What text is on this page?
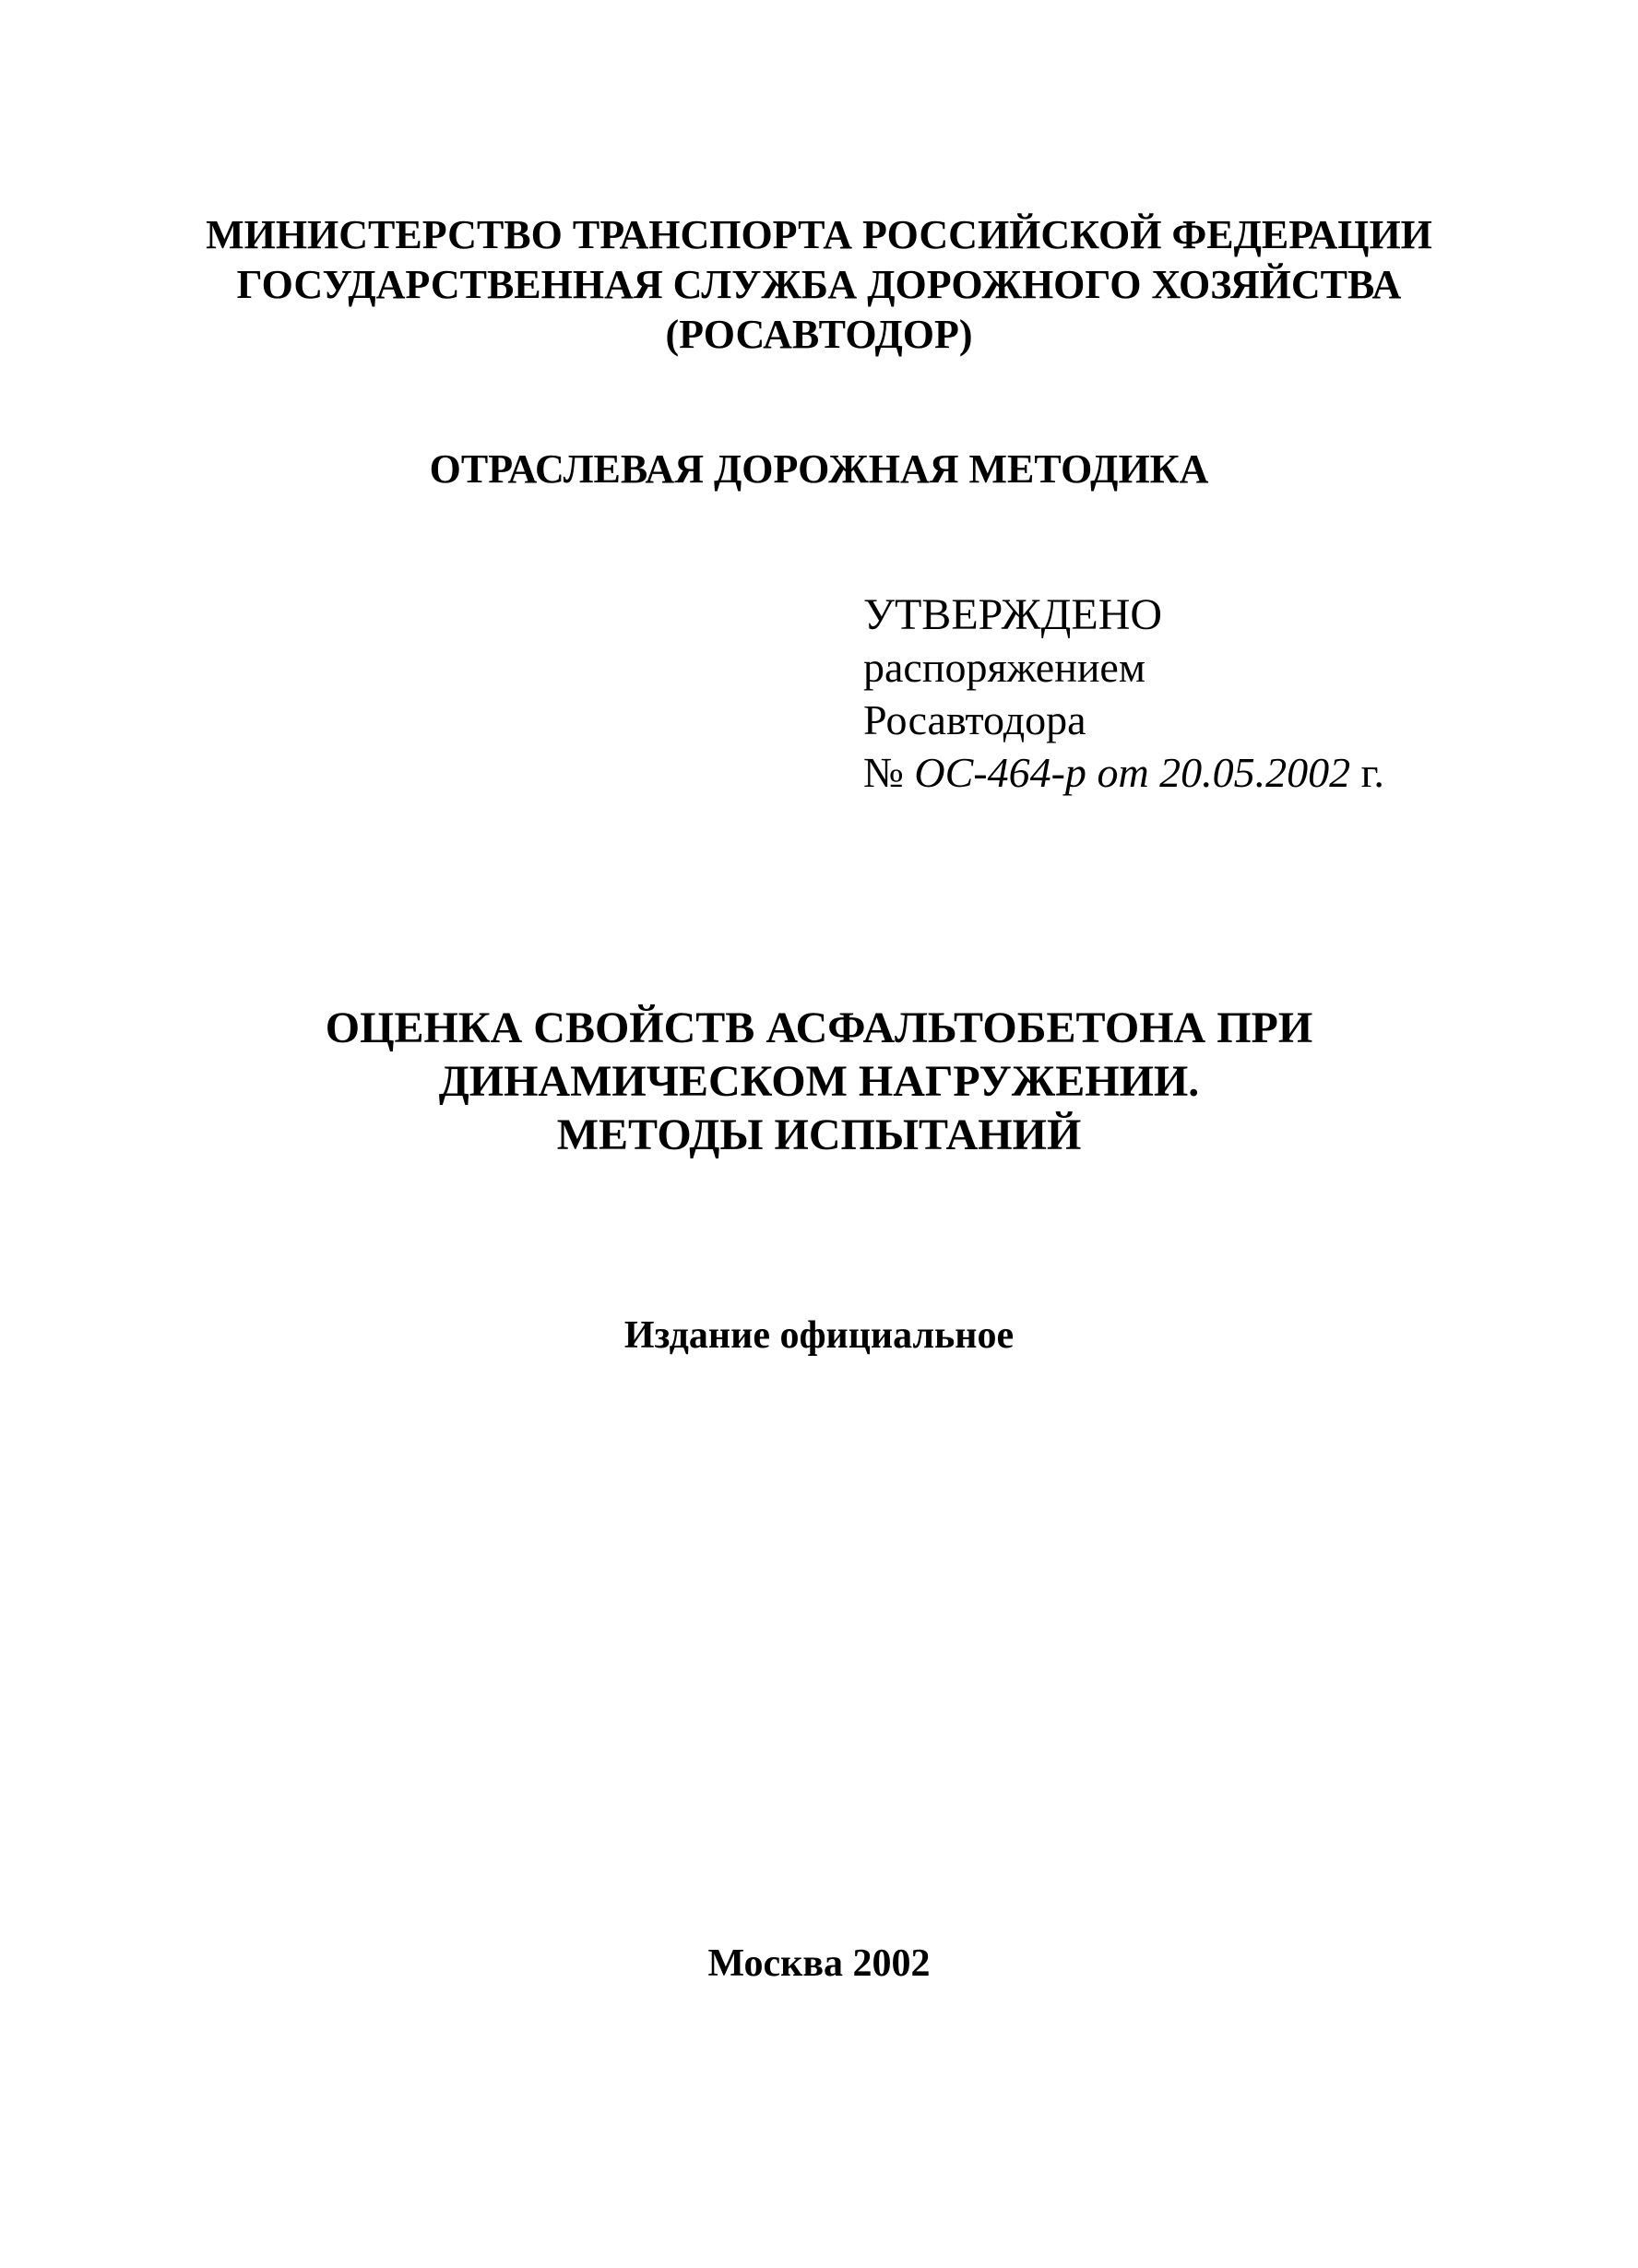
МИНИСТЕРСТВО ТРАНСПОРТА РОССИЙСКОЙ ФЕДЕРАЦИИ
ГОСУДАРСТВЕННАЯ СЛУЖБА ДОРОЖНОГО ХОЗЯЙСТВА
(РОСАВТОДОР)
ОТРАСЛЕВАЯ ДОРОЖНАЯ МЕТОДИКА
УТВЕРЖДЕНО
распоряжением
Росавтодора
№ ОС-464-р от 20.05.2002 г.
ОЦЕНКА СВОЙСТВ АСФАЛЬТОБЕТОНА ПРИ
ДИНАМИЧЕСКОМ НАГРУЖЕНИИ.
МЕТОДЫ ИСПЫТАНИЙ
Издание официальное
Москва 2002
